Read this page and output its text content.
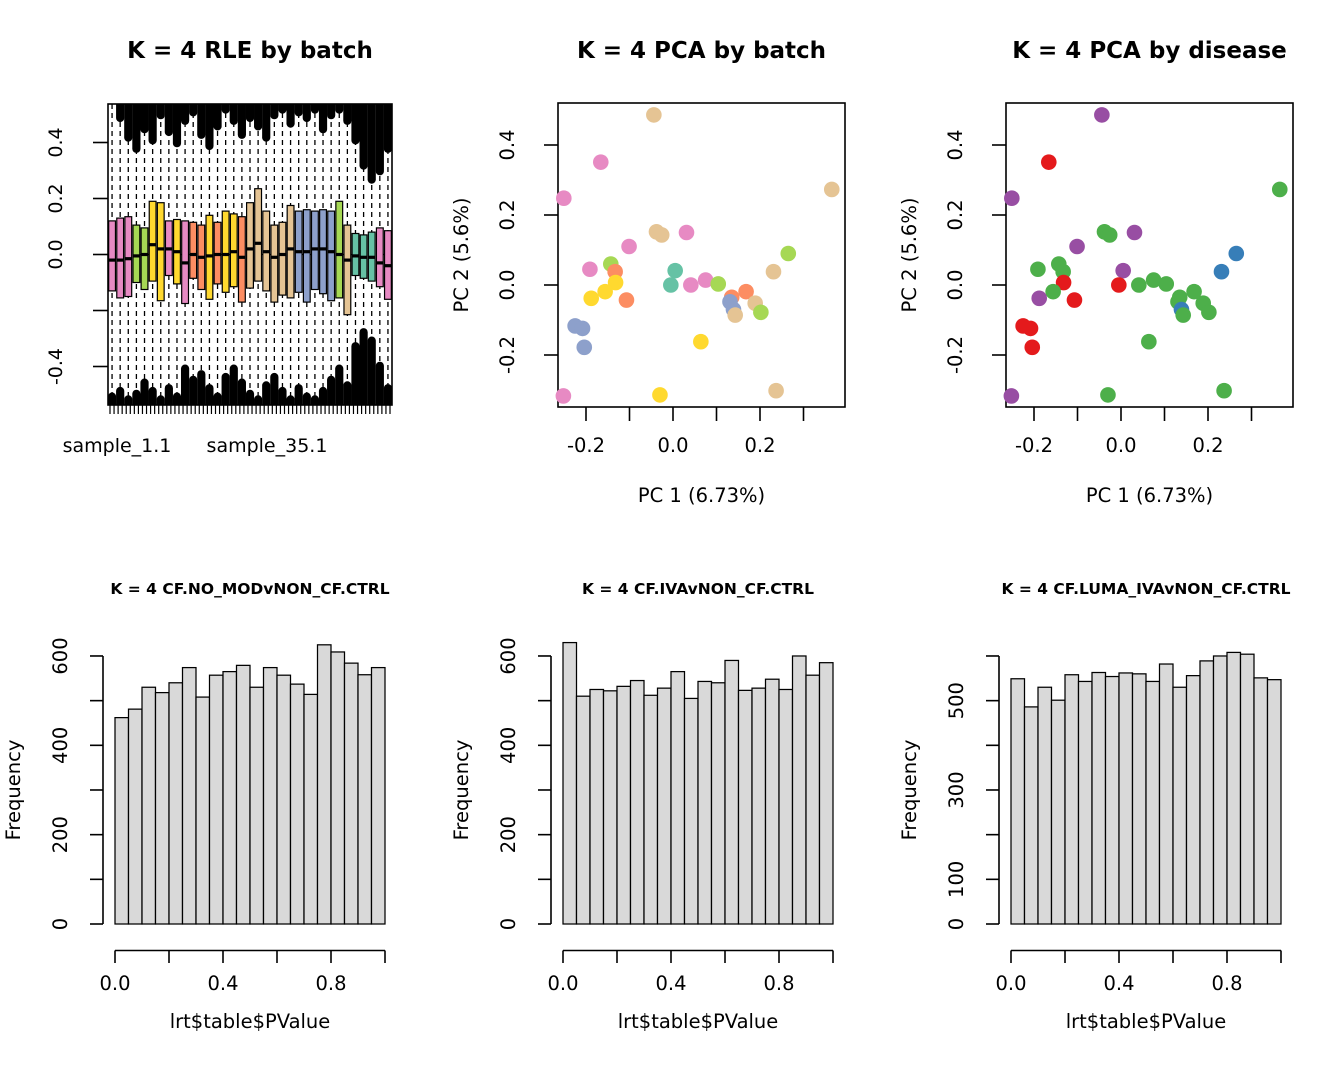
-0.4
0.0
0.2
0.4
sample_1.1 sample_35.1
K = 4 RLE by batch
-0.2	0.0	0.2
-0.2
0.0
0.2
0.4
PC 1 (6.73%)
PC 2 (5.6%)
K = 4 PCA by batch
-0.2	0.0	0.2
-0.2
0.0
0.2
0.4
PC 1 (6.73%)
PC 2 (5.6%)
K = 4 PCA by disease
0
200
400
600
0.0	0.4	0.8
lrt$table$PValue
Frequency
K = 4 CF.NO_MODvNON_CF.CTRL
0
200
400
600
0.0	0.4	0.8
lrt$table$PValue
Frequency
K = 4 CF.IVAvNON_CF.CTRL
0
100
300
500
0.0	0.4	0.8
lrt$table$PValue
Frequency
K = 4 CF.LUMA_IVAvNON_CF.CTRL
